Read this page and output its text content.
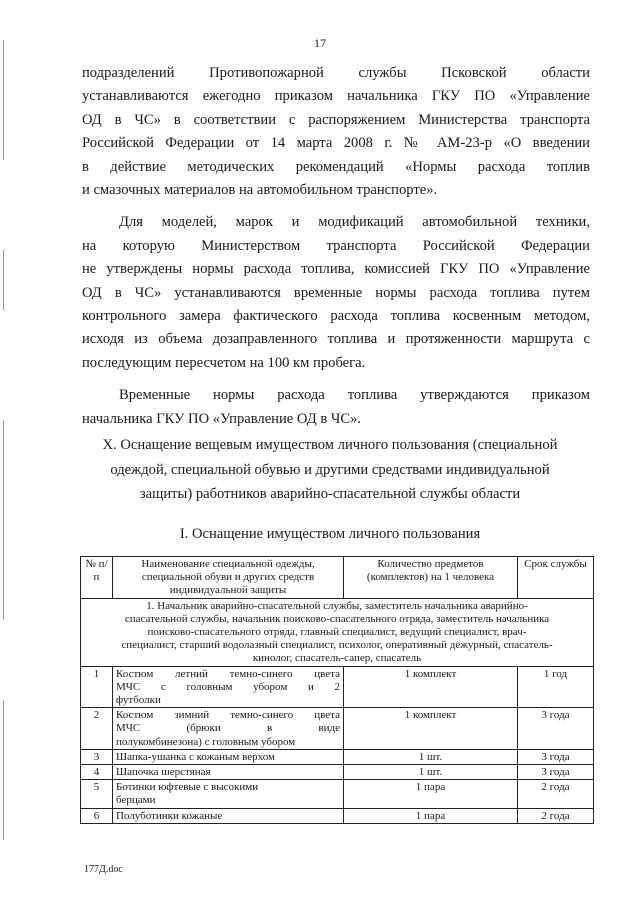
17

подразделений Противопожарной службы Псковской области
устанавливаются ежегодно приказом начальника ГКУ ПО «Управление
ОД в ЧС» в соответствии с распоряжением Министерства транспорта
Российской Федерации от 14 марта 2008 г. № АМ-23-р «О введении
в действие методических рекомендаций «Нормы расхода топлив
и смазочных материалов на автомобильном транспорте».

Для моделей, марок и модификаций автомобильной техники,
на которую Министерством транспорта Российской Федерации
не утверждены нормы расхода топлива, комиссией ГКУ ПО «Управление
ОД в ЧС» устанавливаются временные нормы расхода топлива путем
контрольного замера фактического расхода топлива косвенным методом,
исходя из объема дозаправленного топлива и протяженности маршрута с
последующим пересчетом на 100 км пробега.

Временные нормы расхода топлива утверждаются приказом
начальника ГКУ ПО «Управление ОД в ЧС».

X. Оснащение вещевым имуществом личного пользования (специальной
одеждой, специальной обувью и другими средствами индивидуальной
защиты) работников аварийно-спасательной службы области
I. Оснащение имуществом личного пользования
№ п/п	Наименование специальной одежды, специальной обуви и других средств индивидуальной защиты	Количество предметов (комплектов) на 1 человека	Срок службы

1. Начальник аварийно-спасательной службы, заместитель начальника аварийно-
спасательной службы, начальник поисково-спасательного отряда, заместитель начальника
поисково-спасательного отряда, главный специалист, ведущий специалист, врач-
специалист, старший водолазный специалист, психолог, оперативный дежурный, спасатель-
кинолог, спасатель-сапер, спасатель			

1	Костюм летний темно-синего цвета
МЧС с головным убором и 2
футболки	1 комплект	1 год
2	Костюм зимний темно-синего цвета
МЧС (брюки в виде
полукомбинезона) с головным убором	1 комплект	3 года
3	Шапка-ушанка с кожаным верхом	1 шт.	3 года
4	Шапочка шерстяная	1 шт.	3 года
5	Ботинки юфтевые с высокими
берцами	1 пара	2 года
6	Полуботинки кожаные	1 пара	2 года
177Д.doc
